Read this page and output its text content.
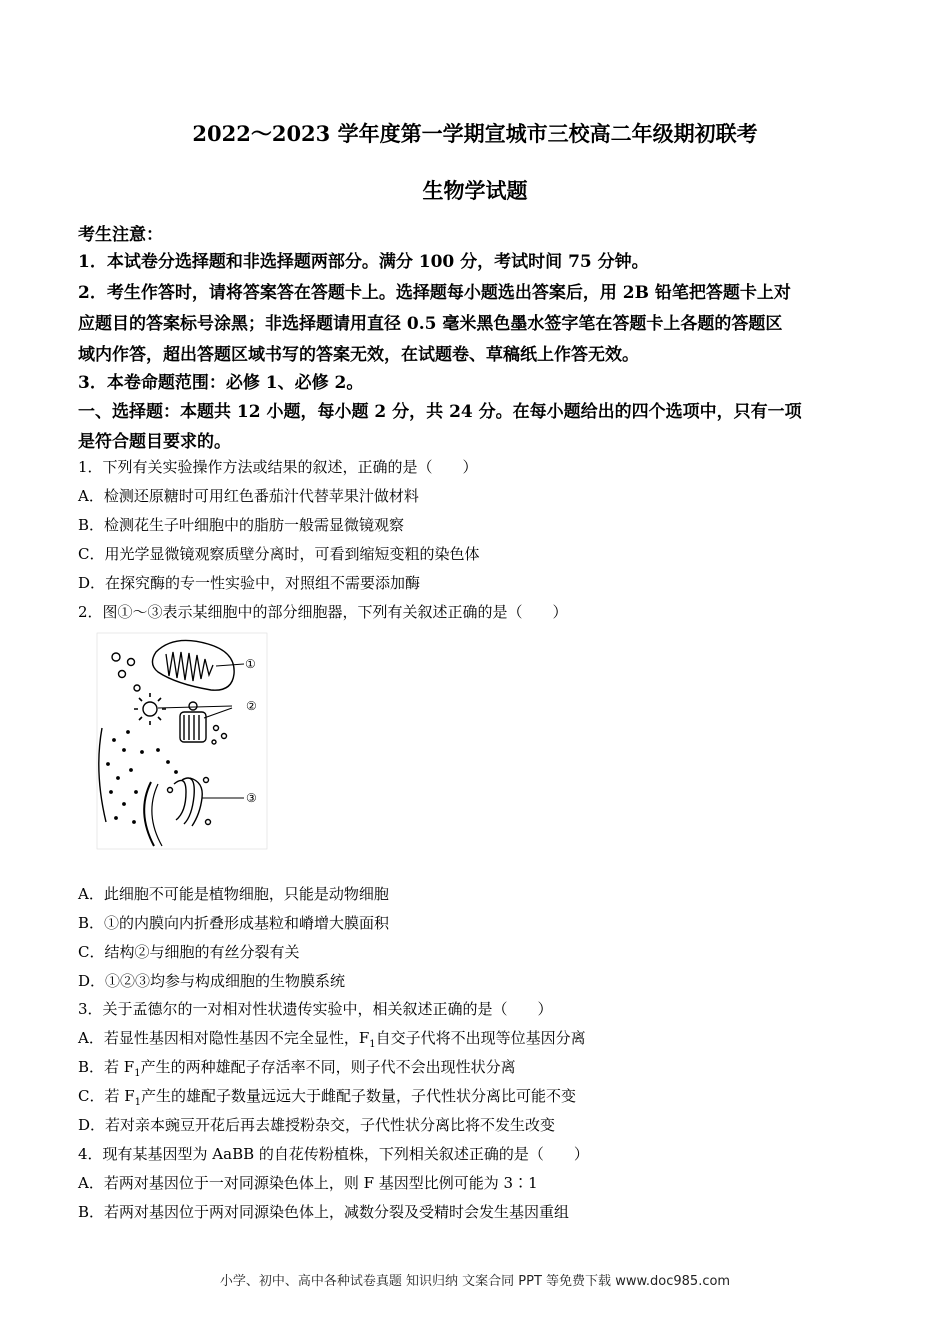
2022～2023 学年度第一学期宣城市三校高二年级期初联考
生物学试题
考生注意：
1．本试卷分选择题和非选择题两部分。满分 100 分，考试时间 75 分钟。
2．考生作答时，请将答案答在答题卡上。选择题每小题选出答案后，用 2B 铅笔把答题卡上对
应题目的答案标号涂黑；非选择题请用直径 0.5 毫米黑色墨水签字笔在答题卡上各题的答题区
域内作答，超出答题区域书写的答案无效，在试题卷、草稿纸上作答无效。
3．本卷命题范围：必修 1、必修 2。
一、选择题：本题共 12 小题，每小题 2 分，共 24 分。在每小题给出的四个选项中，只有一项
是符合题目要求的。
1．下列有关实验操作方法或结果的叙述，正确的是（　　）
A．检测还原糖时可用红色番茄汁代替苹果汁做材料
B．检测花生子叶细胞中的脂肪一般需显微镜观察
C．用光学显微镜观察质壁分离时，可看到缩短变粗的染色体
D．在探究酶的专一性实验中，对照组不需要添加酶
2．图①～③表示某细胞中的部分细胞器，下列有关叙述正确的是（　　）
①
②
③
A．此细胞不可能是植物细胞，只能是动物细胞
B．①的内膜向内折叠形成基粒和嵴增大膜面积
C．结构②与细胞的有丝分裂有关
D．①②③均参与构成细胞的生物膜系统
3．关于孟德尔的一对相对性状遗传实验中，相关叙述正确的是（　　）
A．若显性基因相对隐性基因不完全显性，$F_1$自交子代将不出现等位基因分离
B．若 $F_1$产生的两种雄配子存活率不同，则子代不会出现性状分离
C．若 $F_1$产生的雄配子数量远远大于雌配子数量，子代性状分离比可能不变
D．若对亲本豌豆开花后再去雄授粉杂交，子代性状分离比将不发生改变
4．现有某基因型为 AaBB 的自花传粉植株，下列相关叙述正确的是（　　）
A．若两对基因位于一对同源染色体上，则 F 基因型比例可能为 3∶1
B．若两对基因位于两对同源染色体上，减数分裂及受精时会发生基因重组
小学、初中、高中各种试卷真题 知识归纳 文案合同 PPT 等免费下载 www.doc985.com
